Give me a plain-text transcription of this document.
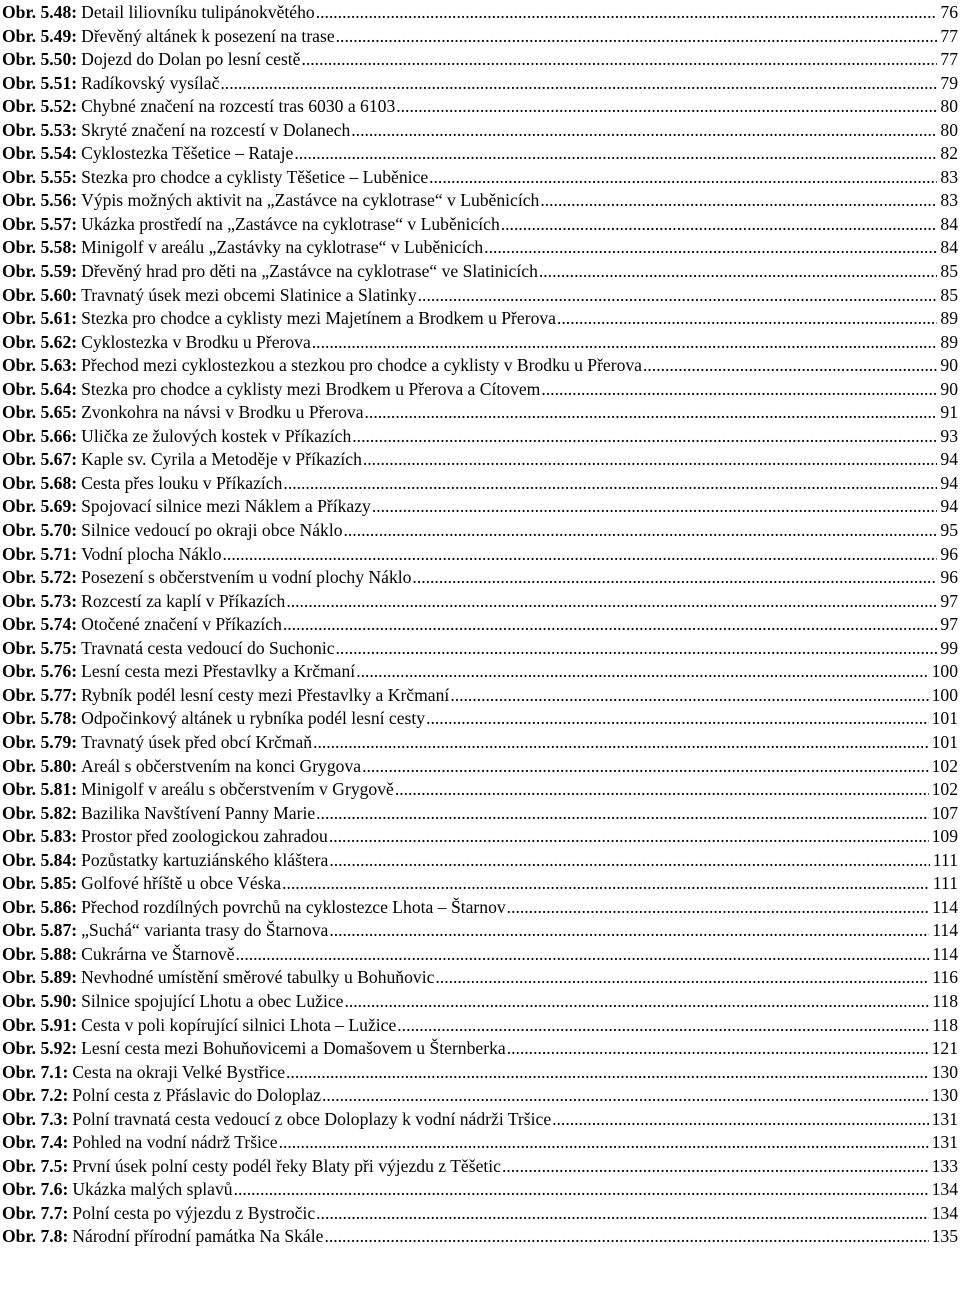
Obr. 5.48: Detail liliovníku tulipánokvětého .....	76
Obr. 5.49: Dřevěný altánek k posezení na trase .....	77
Obr. 5.50: Dojezd do Dolan po lesní cestě .....	77
Obr. 5.51: Radíkovský vysílač .....	79
Obr. 5.52: Chybné značení na rozcestí tras 6030 a 6103 .....	80
Obr. 5.53: Skryté značení na rozcestí v Dolanech .....	80
Obr. 5.54: Cyklostezka Těšetice – Rataje .....	82
Obr. 5.55: Stezka pro chodce a cyklisty Těšetice – Luběnice .....	83
Obr. 5.56: Výpis možných aktivit na „Zastávce na cyklotrase“ v Luběnicích .....	83
Obr. 5.57: Ukázka prostředí na „Zastávce na cyklotrase“ v Luběnicích .....	84
Obr. 5.58: Minigolf v areálu „Zastávky na cyklotrase“ v Luběnicích .....	84
Obr. 5.59: Dřevěný hrad pro děti na „Zastávce na cyklotrase“ ve Slatinicích .....	85
Obr. 5.60: Travnatý úsek mezi obcemi Slatinice a Slatinky .....	85
Obr. 5.61: Stezka pro chodce a cyklisty mezi Majetínem a Brodkem u Přerova .....	89
Obr. 5.62: Cyklostezka v Brodku u Přerova .....	89
Obr. 5.63: Přechod mezi cyklostezkou a stezkou pro chodce a cyklisty v Brodku u Přerova .....	90
Obr. 5.64: Stezka pro chodce a cyklisty mezi Brodkem u Přerova a Cítovem .....	90
Obr. 5.65: Zvonkohra na návsi v Brodku u Přerova .....	91
Obr. 5.66: Ulička ze žulových kostek v Příkazích .....	93
Obr. 5.67: Kaple sv. Cyrila a Metoděje v Příkazích .....	94
Obr. 5.68: Cesta přes louku v Příkazích .....	94
Obr. 5.69: Spojovací silnice mezi Náklem a Příkazy .....	94
Obr. 5.70: Silnice vedoucí po okraji obce Náklo .....	95
Obr. 5.71: Vodní plocha Náklo .....	96
Obr. 5.72: Posezení s občerstvením u vodní plochy Náklo .....	96
Obr. 5.73: Rozcestí za kaplí v Příkazích .....	97
Obr. 5.74: Otočené značení v Příkazích .....	97
Obr. 5.75: Travnatá cesta vedoucí do Suchonic .....	99
Obr. 5.76: Lesní cesta mezi Přestavlky a Krčmaní .....	100
Obr. 5.77: Rybník podél lesní cesty mezi Přestavlky a Krčmaní .....	100
Obr. 5.78: Odpočinkový altánek u rybníka podél lesní cesty .....	101
Obr. 5.79: Travnatý úsek před obcí Krčmaň .....	101
Obr. 5.80: Areál s občerstvením na konci Grygova .....	102
Obr. 5.81: Minigolf v areálu s občerstvením v Grygově .....	102
Obr. 5.82: Bazilika Navštívení Panny Marie .....	107
Obr. 5.83: Prostor před zoologickou zahradou .....	109
Obr. 5.84: Pozůstatky kartuziánského kláštera .....	111
Obr. 5.85: Golfové hříště u obce Véska .....	111
Obr. 5.86: Přechod rozdílných povrchů na cyklostezce Lhota – Štarnov .....	114
Obr. 5.87: „Suchá“ varianta trasy do Štarnova .....	114
Obr. 5.88: Cukrárna ve Štarnově .....	114
Obr. 5.89: Nevhodné umístění směrové tabulky u Bohuňovic .....	116
Obr. 5.90: Silnice spojující Lhotu a obec Lužice .....	118
Obr. 5.91: Cesta v poli kopírující silnici Lhota – Lužice .....	118
Obr. 5.92: Lesní cesta mezi Bohuňovicemi a Domašovem u Šternberka .....	121
Obr. 7.1: Cesta na okraji Velké Bystřice .....	130
Obr. 7.2: Polní cesta z Přáslavic do Doloplaz .....	130
Obr. 7.3: Polní travnatá cesta vedoucí z obce Doloplazy k vodní nádrži Tršice .....	131
Obr. 7.4: Pohled na vodní nádrž Tršice .....	131
Obr. 7.5: První úsek polní cesty podél řeky Blaty při výjezdu z Těšetic .....	133
Obr. 7.6: Ukázka malých splavů .....	134
Obr. 7.7: Polní cesta po výjezdu z Bystročic .....	134
Obr. 7.8: Národní přírodní památka Na Skále .....	135
